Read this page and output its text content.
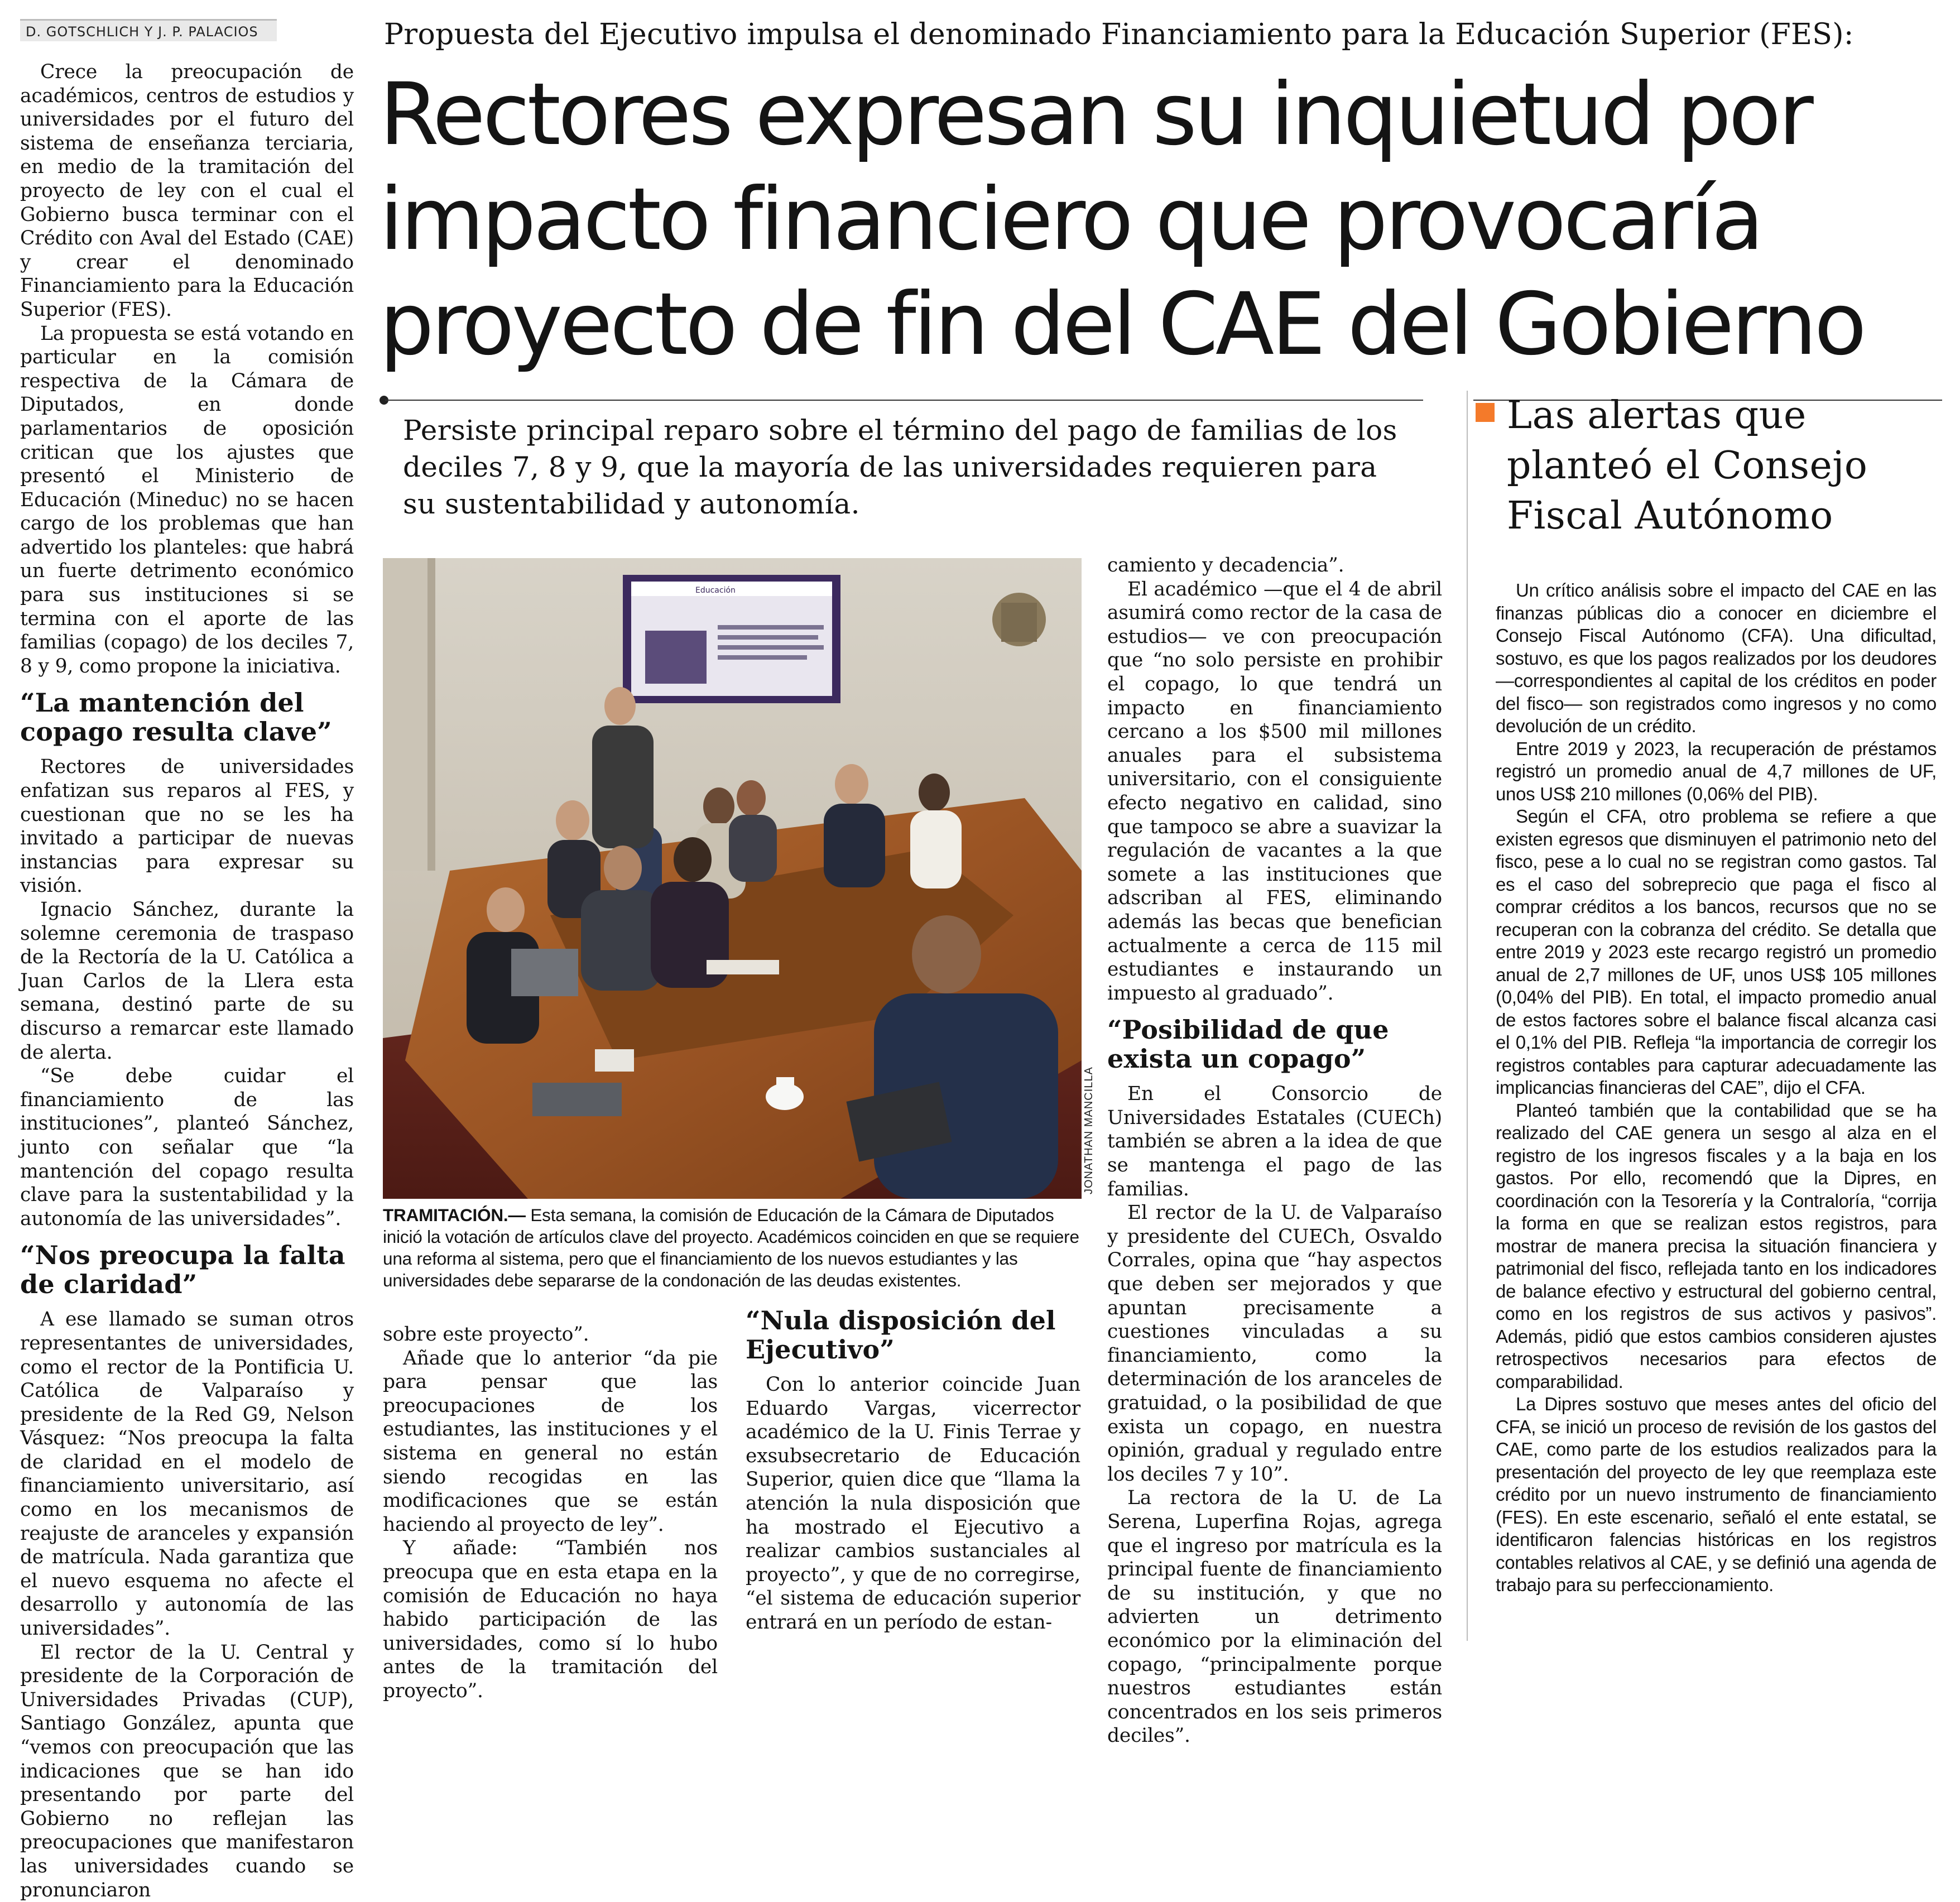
D. GOTSCHLICH Y J. P. PALACIOS	Propuesta del Ejecutivo impulsa el denominado Financiamiento para la Educación Superior (FES):
Rectores expresan su inquietud por
impacto financiero que provocaría
proyecto de fin del CAE del Gobierno
Persiste principal reparo sobre el término del pago de familias de los deciles 7, 8 y 9, que la mayoría de las universidades requieren para su sustentabilidad y autonomía.
Las alertas que planteó el Consejo Fiscal Autónomo

Crece la preocupación de académicos, centros de estudios y universidades por el futuro del sistema de enseñanza terciaria, en medio de la tramitación del proyecto de ley con el cual el Gobierno busca terminar con el Crédito con Aval del Estado (CAE) y crear el denominado Financiamiento para la Educación Superior (FES).

La propuesta se está votando en particular en la comisión respectiva de la Cámara de Diputados, en donde parlamentarios de oposición critican que los ajustes que presentó el Ministerio de Educación (Mineduc) no se hacen cargo de los problemas que han advertido los planteles: que habrá un fuerte detrimento económico para sus instituciones si se termina con el aporte de las familias (copago) de los deciles 7, 8 y 9, como propone la iniciativa.

“La mantención del copago resulta clave”

Rectores de universidades enfatizan sus reparos al FES, y cuestionan que no se les ha invitado a participar de nuevas instancias para expresar su visión.

Ignacio Sánchez, durante la solemne ceremonia de traspaso de la Rectoría de la U. Católica a Juan Carlos de la Llera esta semana, destinó parte de su discurso a remarcar este llamado de alerta.

“Se debe cuidar el financiamiento de las instituciones”, planteó Sánchez, junto con señalar que “la mantención del copago resulta clave para la sustentabilidad y la autonomía de las universidades”.

“Nos preocupa la falta de claridad”

A ese llamado se suman otros representantes de universidades, como el rector de la Pontificia U. Católica de Valparaíso y presidente de la Red G9, Nelson Vásquez: “Nos preocupa la falta de claridad en el modelo de financiamiento universitario, así como en los mecanismos de reajuste de aranceles y expansión de matrícula. Nada garantiza que el nuevo esquema no afecte el desarrollo y autonomía de las universidades”.

El rector de la U. Central y presidente de la Corporación de Universidades Privadas (CUP), Santiago González, apunta que “vemos con preocupación que las indicaciones que se han ido presentando por parte del Gobierno no reflejan las preocupaciones que manifestaron las universidades cuando se pronunciaron

Educación
JONATHAN MANCILLA
TRAMITACIÓN.— Esta semana, la comisión de Educación de la Cámara de Diputados inició la votación de artículos clave del proyecto. Académicos coinciden en que se requiere una reforma al sistema, pero que el financiamiento de los nuevos estudiantes y las universidades debe separarse de la condonación de las deudas existentes.

sobre este proyecto”.

Añade que lo anterior “da pie para pensar que las preocupaciones de los estudiantes, las instituciones y el sistema en general no están siendo recogidas en las modificaciones que se están haciendo al proyecto de ley”.

Y añade: “También nos preocupa que en esta etapa en la comisión de Educación no haya habido participación de las universidades, como sí lo hubo antes de la tramitación del proyecto”.

“Nula disposición del Ejecutivo”

Con lo anterior coincide Juan Eduardo Vargas, vicerrector académico de la U. Finis Terrae y exsubsecretario de Educación Superior, quien dice que “llama la atención la nula disposición que ha mostrado el Ejecutivo a realizar cambios sustanciales al proyecto”, y que de no corregirse, “el sistema de educación superior entrará en un período de estan-

camiento y decadencia”.

El académico —que el 4 de abril asumirá como rector de la casa de estudios— ve con preocupación que “no solo persiste en prohibir el copago, lo que tendrá un impacto en financiamiento cercano a los $500 mil millones anuales para el subsistema universitario, con el consiguiente efecto negativo en calidad, sino que tampoco se abre a suavizar la regulación de vacantes a la que somete a las instituciones que adscriban al FES, eliminando además las becas que benefician actualmente a cerca de 115 mil estudiantes e instaurando un impuesto al graduado”.

“Posibilidad de que exista un copago”

En el Consorcio de Universidades Estatales (CUECh) también se abren a la idea de que se mantenga el pago de las familias.

El rector de la U. de Valparaíso y presidente del CUECh, Osvaldo Corrales, opina que “hay aspectos que deben ser mejorados y que apuntan precisamente a cuestiones vinculadas a su financiamiento, como la determinación de los aranceles de gratuidad, o la posibilidad de que exista un copago, en nuestra opinión, gradual y regulado entre los deciles 7 y 10”.

La rectora de la U. de La Serena, Luperfina Rojas, agrega que el ingreso por matrícula es la principal fuente de financiamiento de su institución, y que no advierten un detrimento económico por la eliminación del copago, “principalmente porque nuestros estudiantes están concentrados en los seis primeros deciles”.

Un crítico análisis sobre el impacto del CAE en las finanzas públicas dio a conocer en diciembre el Consejo Fiscal Autónomo (CFA). Una dificultad, sostuvo, es que los pagos realizados por los deudores —correspondientes al capital de los créditos en poder del fisco— son registrados como ingresos y no como devolución de un crédito.

Entre 2019 y 2023, la recuperación de préstamos registró un promedio anual de 4,7 millones de UF, unos US$ 210 millones (0,06% del PIB).

Según el CFA, otro problema se refiere a que existen egresos que disminuyen el patrimonio neto del fisco, pese a lo cual no se registran como gastos. Tal es el caso del sobreprecio que paga el fisco al comprar créditos a los bancos, recursos que no se recuperan con la cobranza del crédito. Se detalla que entre 2019 y 2023 este recargo registró un promedio anual de 2,7 millones de UF, unos US$ 105 millones (0,04% del PIB). En total, el impacto promedio anual de estos factores sobre el balance fiscal alcanza casi el 0,1% del PIB. Refleja “la importancia de corregir los registros contables para capturar adecuadamente las implicancias financieras del CAE”, dijo el CFA.

Planteó también que la contabilidad que se ha realizado del CAE genera un sesgo al alza en el registro de los ingresos fiscales y a la baja en los gastos. Por ello, recomendó que la Dipres, en coordinación con la Tesorería y la Contraloría, “corrija la forma en que se realizan estos registros, para mostrar de manera precisa la situación financiera y patrimonial del fisco, reflejada tanto en los indicadores de balance efectivo y estructural del gobierno central, como en los registros de sus activos y pasivos”. Además, pidió que estos cambios consideren ajustes retrospectivos necesarios para efectos de comparabilidad.

La Dipres sostuvo que meses antes del oficio del CFA, se inició un proceso de revisión de los gastos del CAE, como parte de los estudios realizados para la presentación del proyecto de ley que reemplaza este crédito por un nuevo instrumento de financiamiento (FES). En este escenario, señaló el ente estatal, se identificaron falencias históricas en los registros contables relativos al CAE, y se definió una agenda de trabajo para su perfeccionamiento.
